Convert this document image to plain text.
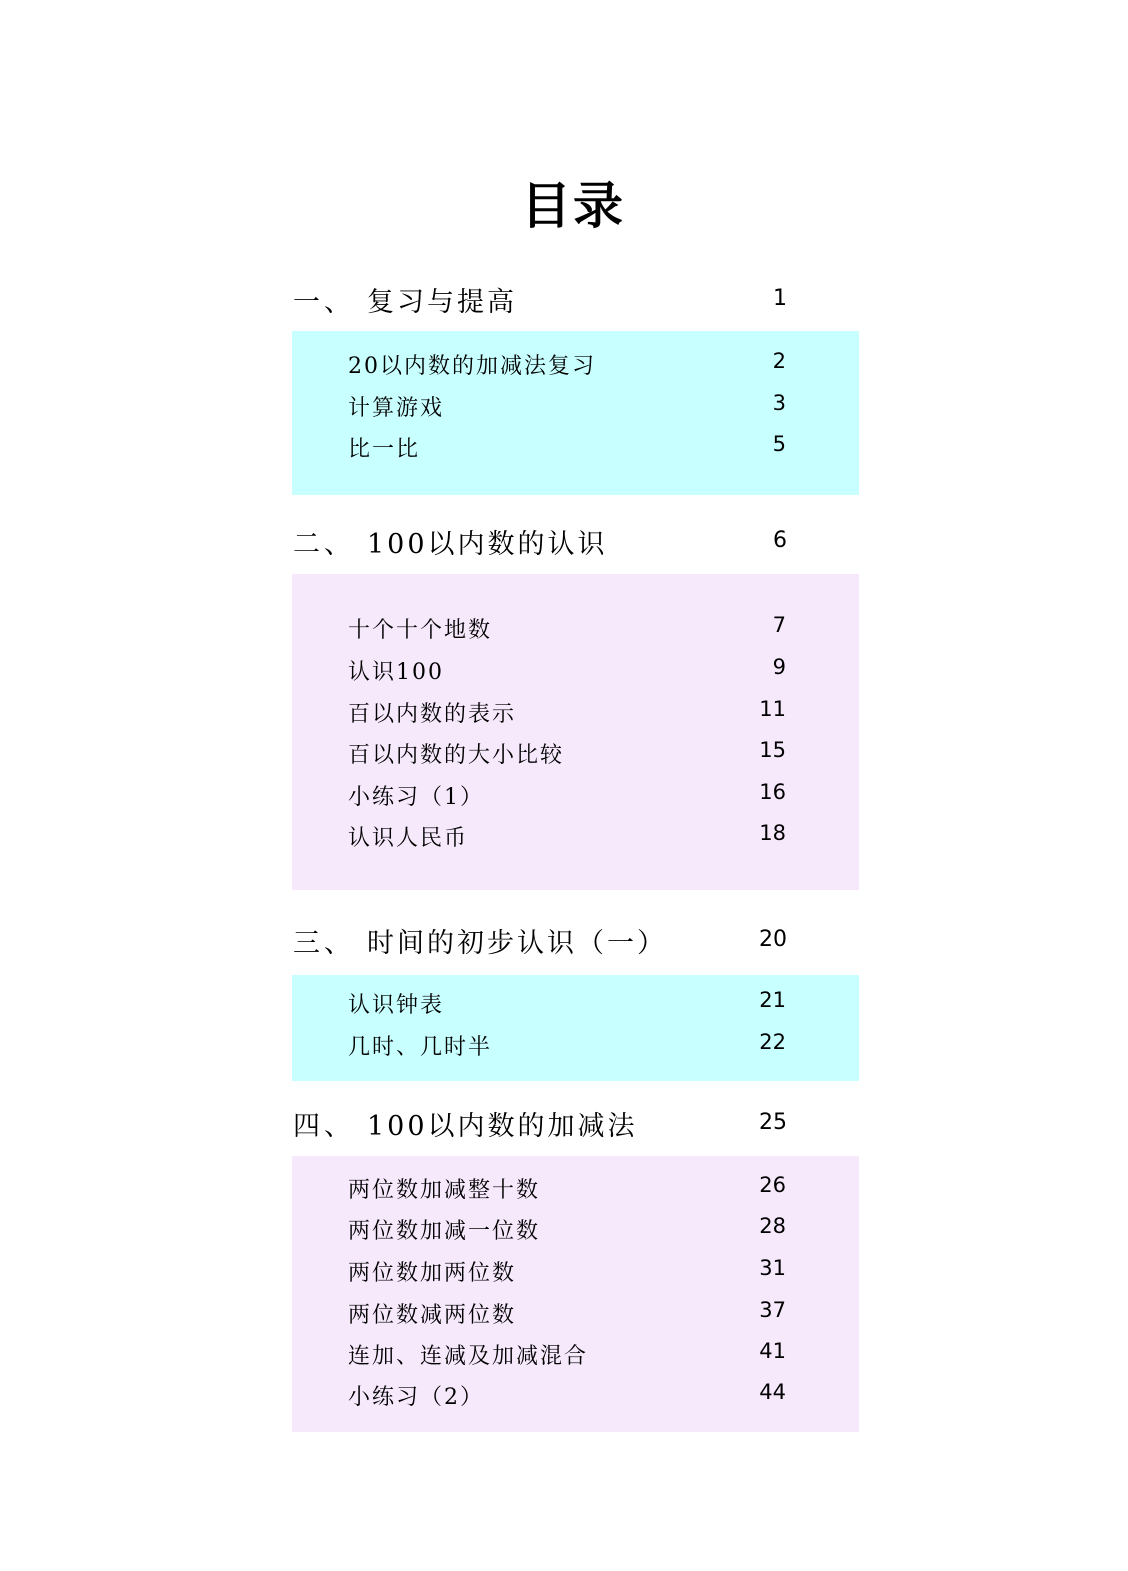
目录
一、 复习与提高	1
20以内数的加减法复习	2
计算游戏	3
比一比	5
二、 100以内数的认识	6
十个十个地数	7
认识100	9
百以内数的表示	11
百以内数的大小比较	15
小练习（1）	16
认识人民币	18
三、 时间的初步认识（一）	20
认识钟表	21
几时、几时半	22
四、 100以内数的加减法	25
两位数加减整十数	26
两位数加减一位数	28
两位数加两位数	31
两位数减两位数	37
连加、连减及加减混合	41
小练习（2）	44
